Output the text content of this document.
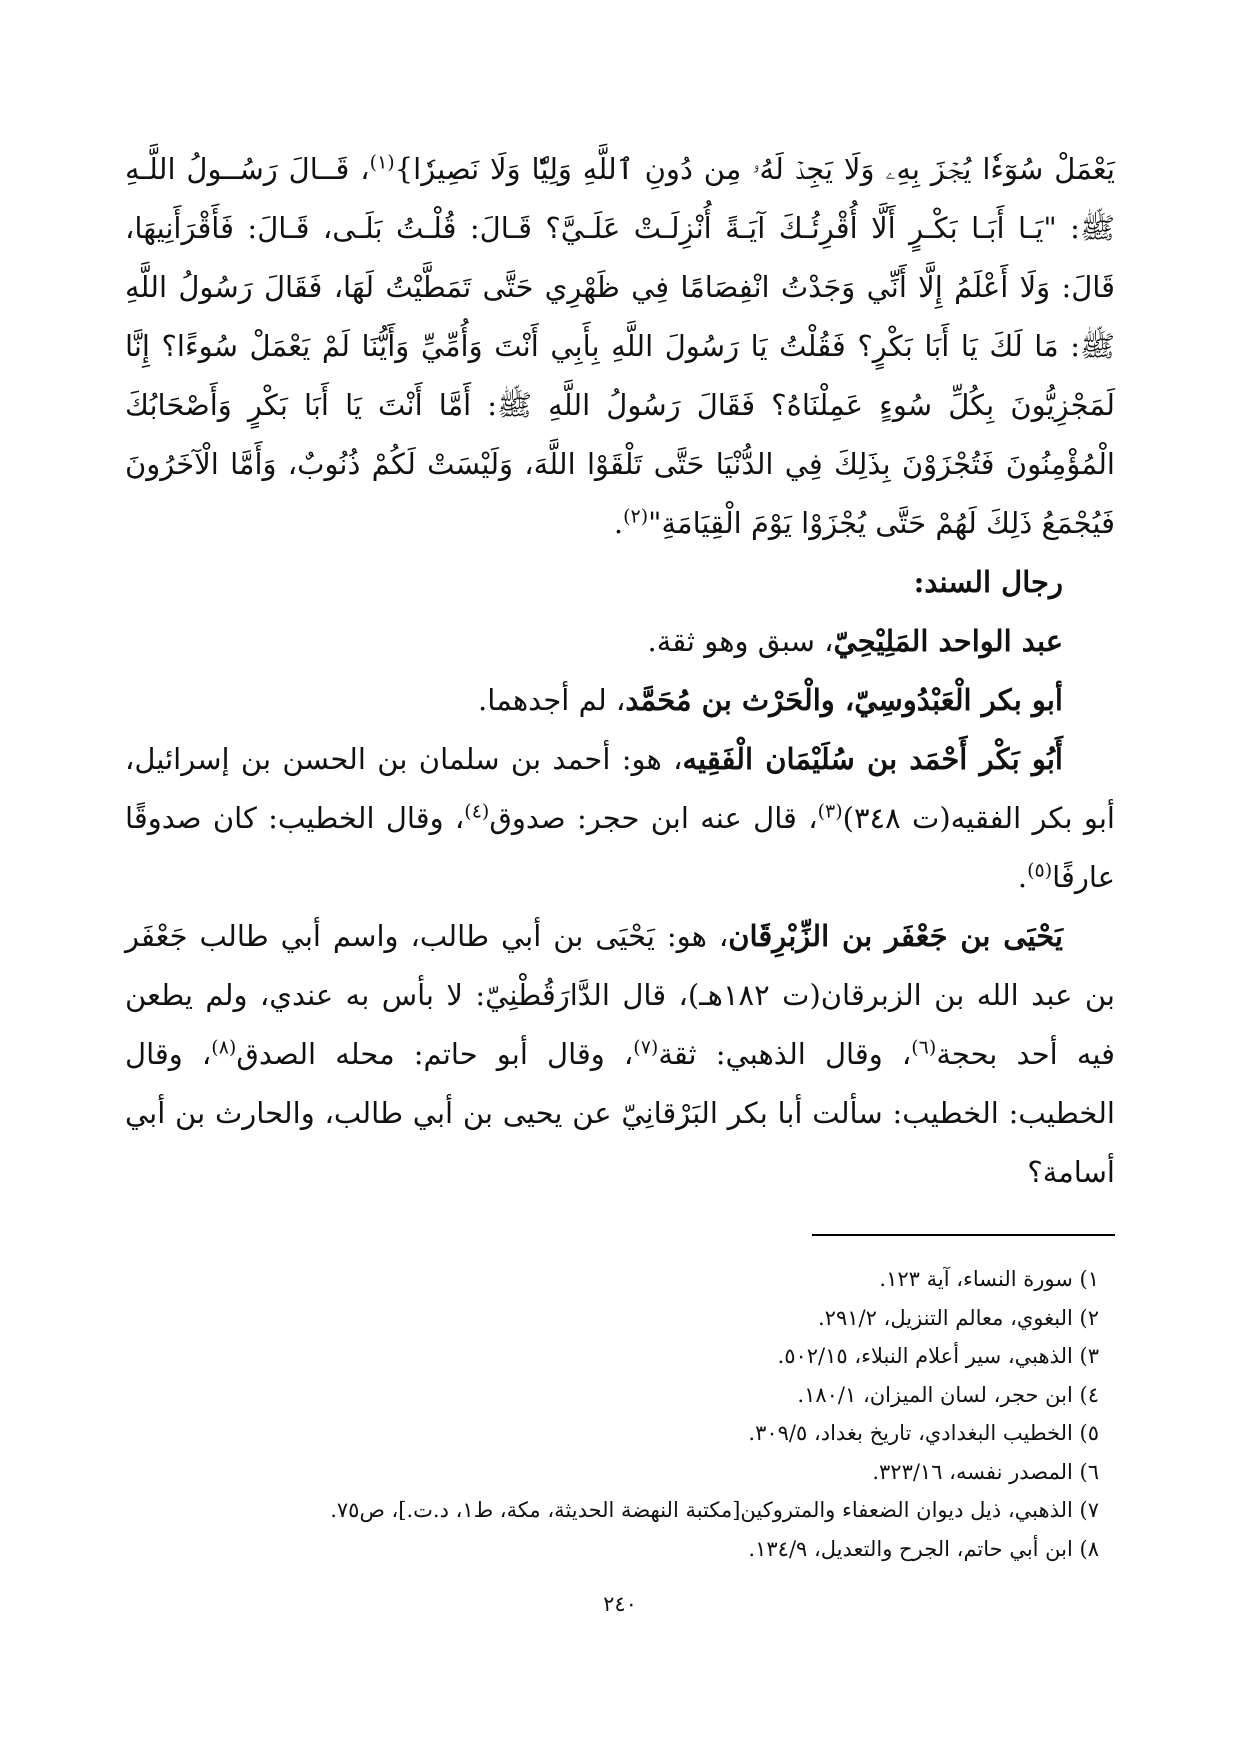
يَعْمَلْ سُوٓءٗا يُجۡزَ بِهِۦ وَلَا يَجِدۡ لَهُۥ مِن دُونِ ٱللَّهِ وَلِيّٗا وَلَا نَصِيرٗا}$^{(١)}$، قَــالَ رَسُــولُ اللَّـهِ ﷺ: "يَـا أَبَـا بَكْـرٍ أَلَّا أُقْرِئُـكَ آيَـةً أُنْزِلَـتْ عَلَـيَّ؟ قَـالَ: قُلْـتُ بَلَـى، قَـالَ: فَأَقْرَأَنِيهَا، قَالَ: وَلَا أَعْلَمُ إِلَّا أَنِّي وَجَدْتُ انْفِصَامًا فِي ظَهْرِي حَتَّى تَمَطَّيْتُ لَهَا، فَقَالَ رَسُولُ اللَّهِ ﷺ: مَا لَكَ يَا أَبَا بَكْرٍ؟ فَقُلْتُ يَا رَسُولَ اللَّهِ بِأَبِي أَنْتَ وَأُمِّيِّ وَأَيُّنَا لَمْ يَعْمَلْ سُوءًا؟ إِنَّا لَمَجْزِيُّونَ بِكُلِّ سُوءٍ عَمِلْنَاهُ؟ فَقَالَ رَسُولُ اللَّهِ ﷺ: أَمَّا أَنْتَ يَا أَبَا بَكْرٍ وَأَصْحَابُكَ الْمُؤْمِنُونَ فَتُجْزَوْنَ بِذَلِكَ فِي الدُّنْيَا حَتَّى تَلْقَوْا اللَّهَ، وَلَيْسَتْ لَكُمْ ذُنُوبٌ، وَأَمَّا الْآخَرُونَ فَيُجْمَعُ ذَلِكَ لَهُمْ حَتَّى يُجْزَوْا يَوْمَ الْقِيَامَةِ"$^{(٢)}$.

رجال السند:

عبد الواحد المَلِيْحِيّ، سبق وهو ثقة.

أبو بكر الْعَبْدُوسِيّ، والْحَرْث بن مُحَمَّد، لم أجدهما.

أَبُو بَكْر أَحْمَد بن سُلَيْمَان الْفَقِيه، هو: أحمد بن سلمان بن الحسن بن إسرائيل، أبو بكر الفقيه(ت ٣٤٨)$^{(٣)}$، قال عنه ابن حجر: صدوق$^{(٤)}$، وقال الخطيب: كان صدوقًا عارفًا$^{(٥)}$.

يَحْيَى بن جَعْفَر بن الزِّبْرِقَان، هو: يَحْيَى بن أبي طالب، واسم أبي طالب جَعْفَر بن عبد الله بن الزبرقان(ت ١٨٢هـ)، قال الدَّارَقُطْنِيّ: لا بأس به عندي، ولم يطعن فيه أحد بحجة$^{(٦)}$، وقال الذهبي: ثقة$^{(٧)}$، وقال أبو حاتم: محله الصدق$^{(٨)}$، وقال الخطيب: الخطيب: سألت أبا بكر البَرْقانِيّ عن يحيى بن أبي طالب، والحارث بن أبي أسامة؟

١) سورة النساء، آية ١٢٣.
٢) البغوي، معالم التنزيل، ٢٩١/٢.
٣) الذهبي، سير أعلام النبلاء، ٥٠٢/١٥.
٤) ابن حجر، لسان الميزان، ١٨٠/١.
٥) الخطيب البغدادي، تاريخ بغداد، ٣٠٩/٥.
٦) المصدر نفسه، ٣٢٣/١٦.
٧) الذهبي، ذيل ديوان الضعفاء والمتروكين[مكتبة النهضة الحديثة، مكة، ط١، د.ت.]، ص٧٥.
٨) ابن أبي حاتم، الجرح والتعديل، ١٣٤/٩.
٢٤٠
